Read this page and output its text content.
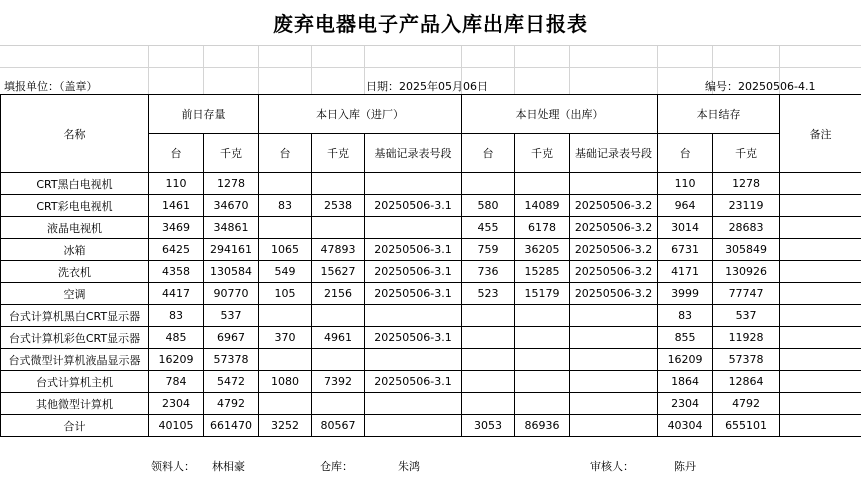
废弃电器电子产品入库出库日报表
填报单位：（盖章）	日期：2025年05月06日	编号：20250506-4.1
名称	前日存量		本日入库（进厂）			本日处理（出库）			本日结存		备注
	台	千克	台	千克	基础记录表号段	台	千克	基础记录表号段	台	千克	
CRT黑白电视机	110	1278							110	1278	
CRT彩电电视机	1461	34670	83	2538	20250506-3.1	580	14089	20250506-3.2	964	23119	
液晶电视机	3469	34861				455	6178	20250506-3.2	3014	28683	
冰箱	6425	294161	1065	47893	20250506-3.1	759	36205	20250506-3.2	6731	305849	
洗衣机	4358	130584	549	15627	20250506-3.1	736	15285	20250506-3.2	4171	130926	
空调	4417	90770	105	2156	20250506-3.1	523	15179	20250506-3.2	3999	77747	
台式计算机黑白CRT显示器	83	537							83	537	
台式计算机彩色CRT显示器	485	6967	370	4961	20250506-3.1				855	11928	
台式微型计算机液晶显示器	16209	57378							16209	57378	
台式计算机主机	784	5472	1080	7392	20250506-3.1				1864	12864	
其他微型计算机	2304	4792							2304	4792	
合计	40105	661470	3252	80567		3053	86936		40304	655101	
领料人： 林相豪	仓库：	朱鸿	审核人：	陈丹
